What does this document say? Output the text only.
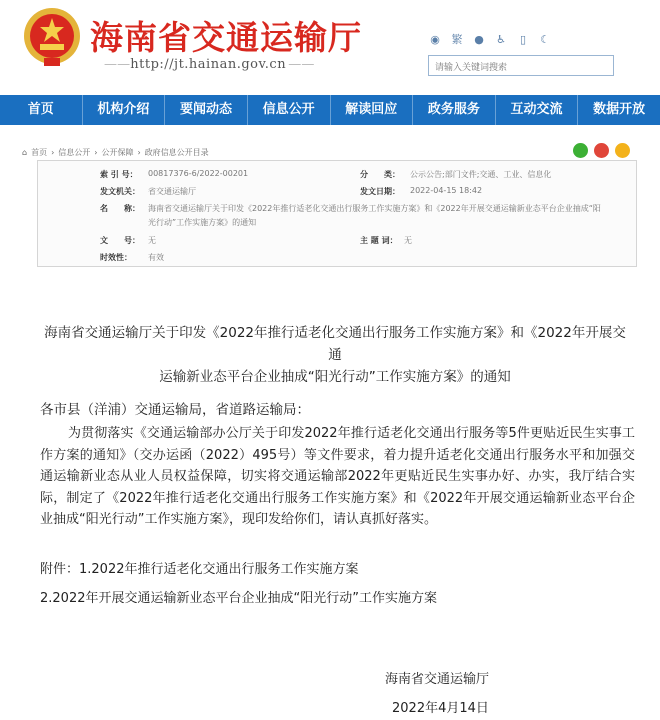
海南省交通运输厅
— — http://jt.hainan.gov.cn — —
◉ 繁 ● ♿	▯	☾
请输入关键词搜索
首页	机构介绍	要闻动态	信息公开	解读回应	政务服务	互动交流	数据开放
⌂ 首页 › 信息公开 › 公开保障 › 政府信息公开目录
索 引 号： 00817376-6/2022-00201	分　　类： 公示公告;部门文件;交通、工业、信息化
发文机关： 省交通运输厅	发文日期： 2022-04-15 18:42
名　　称： 海南省交通运输厅关于印发《2022年推行适老化交通出行服务工作实施方案》和《2022年开展交通运输新业态平台企业抽成“阳
光行动”工作实施方案》的通知
文　　号： 无	主 题 词： 无
时效性： 有效
海南省交通运输厅关于印发《2022年推行适老化交通出行服务工作实施方案》和《2022年开展交通
运输新业态平台企业抽成“阳光行动”工作实施方案》的通知
各市县（洋浦）交通运输局，省道路运输局：
为贯彻落实《交通运输部办公厅关于印发2022年推行适老化交通出行服务等5件更贴近民生实事工作方案的通知》（交办运函（2022）495号）等文件要求，着力提升适老化交通出行服务水平和加强交通运输新业态从业人员权益保障，切实将交通运输部2022年更贴近民生实事办好、办实，我厅结合实际，制定了《2022年推行适老化交通出行服务工作实施方案》和《2022年开展交通运输新业态平台企业抽成“阳光行动”工作实施方案》，现印发给你们，请认真抓好落实。
附件：1.2022年推行适老化交通出行服务工作实施方案
2.2022年开展交通运输新业态平台企业抽成“阳光行动”工作实施方案
海南省交通运输厅
2022年4月14日
